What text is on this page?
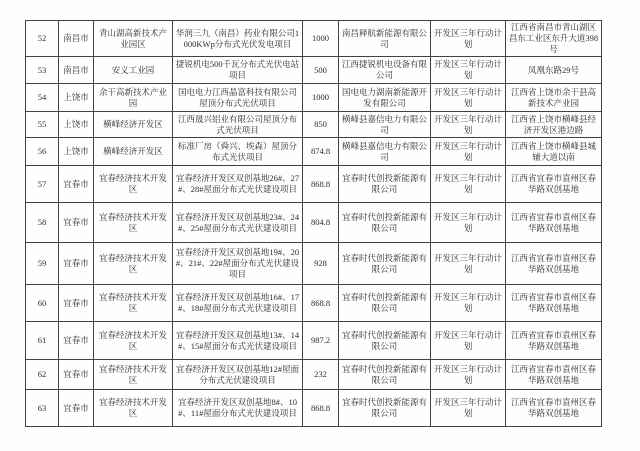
52	南昌市	青山湖高新技术产业园区	华润三九（南昌）药业有限公司1000KWp分布式光伏发电项目	1000	南昌释航新能源有限公司	开发区三年行动计划	江西省南昌市青山湖区昌东工业区东升大道398号
53	南昌市	安义工业园	捷锐机电500千瓦分布式光伏电站项目	500	江西捷锐机电设备有限公司	开发区三年行动计划	凤凰东路29号
54	上饶市	余干高新技术产业园	国电电力江西晶富科技有限公司屋顶分布式光伏项目	1000	国电电力湖南新能源开发有限公司	开发区三年行动计划	江西省上饶市余干县高新技术产业园
55	上饶市	横峰经济开发区	江西晟兴铝业有限公司屋顶分布式光伏项目	850	横峰县嘉信电力有限公司	开发区三年行动计划	江西省上饶市横峰县经济开发区港边路
56	上饶市	横峰经济开发区	标准厂房（舜兴、埃森）屋顶分布式光伏项目	874.8	横峰县嘉信电力有限公司	开发区三年行动计划	江西省上饶市横峰县城辅大道以南
57	宜春市	宜春经济技术开发区	宜春经济开发区双创基地26#、27#、28#屋面分布式光伏建设项目	868.8	宜春时代创投新能源有限公司	开发区三年行动计划	江西省宜春市袁州区春华路双创基地
58	宜春市	宜春经济技术开发区	宜春经济开发区双创基地23#、24#、25#屋面分布式光伏建设项目	804.8	宜春时代创投新能源有限公司	开发区三年行动计划	江西省宜春市袁州区春华路双创基地
59	宜春市	宜春经济技术开发区	宜春经济开发区双创基地19#、20#、21#、22#屋面分布式光伏建设项目	928	宜春时代创投新能源有限公司	开发区三年行动计划	江西省宜春市袁州区春华路双创基地
60	宜春市	宜春经济技术开发区	宜春经济开发区双创基地16#、17#、18#屋面分布式光伏建设项目	868.8	宜春时代创投新能源有限公司	开发区三年行动计划	江西省宜春市袁州区春华路双创基地
61	宜春市	宜春经济技术开发区	宜春经济开发区双创基地13#、14#、15#屋面分布式光伏建设项目	987.2	宜春时代创投新能源有限公司	开发区三年行动计划	江西省宜春市袁州区春华路双创基地
62	宜春市	宜春经济技术开发区	宜春经济开发区双创基地12#屋面分布式光伏建设项目	232	宜春时代创投新能源有限公司	开发区三年行动计划	江西省宜春市袁州区春华路双创基地
63	宜春市	宜春经济技术开发区	宜春经济开发区双创基地8#、10#、11#屋面分布式光伏建设项目	868.8	宜春时代创投新能源有限公司	开发区三年行动计划	江西省宜春市袁州区春华路双创基地
